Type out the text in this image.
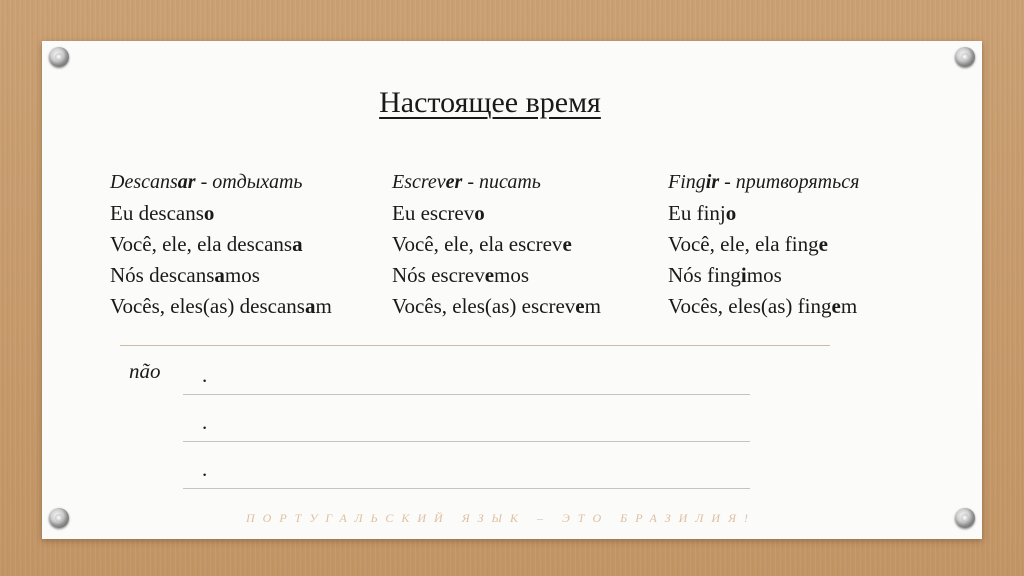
Настоящее время
Descansar - отдыхать
Eu descanso
Você, ele, ela descansa
Nós descansamos
Vocês, eles(as) descansam
Escrever - писать
Eu escrevo
Você, ele, ela escreve
Nós escrevemos
Vocês, eles(as) escrevem
Fingir - притворяться
Eu finjo
Você, ele, ela finge
Nós fingimos
Vocês, eles(as) fingem
não .
.
.
ПОРТУГАЛЬСКИЙ ЯЗЫК – ЭТО БРАЗИЛИЯ!
